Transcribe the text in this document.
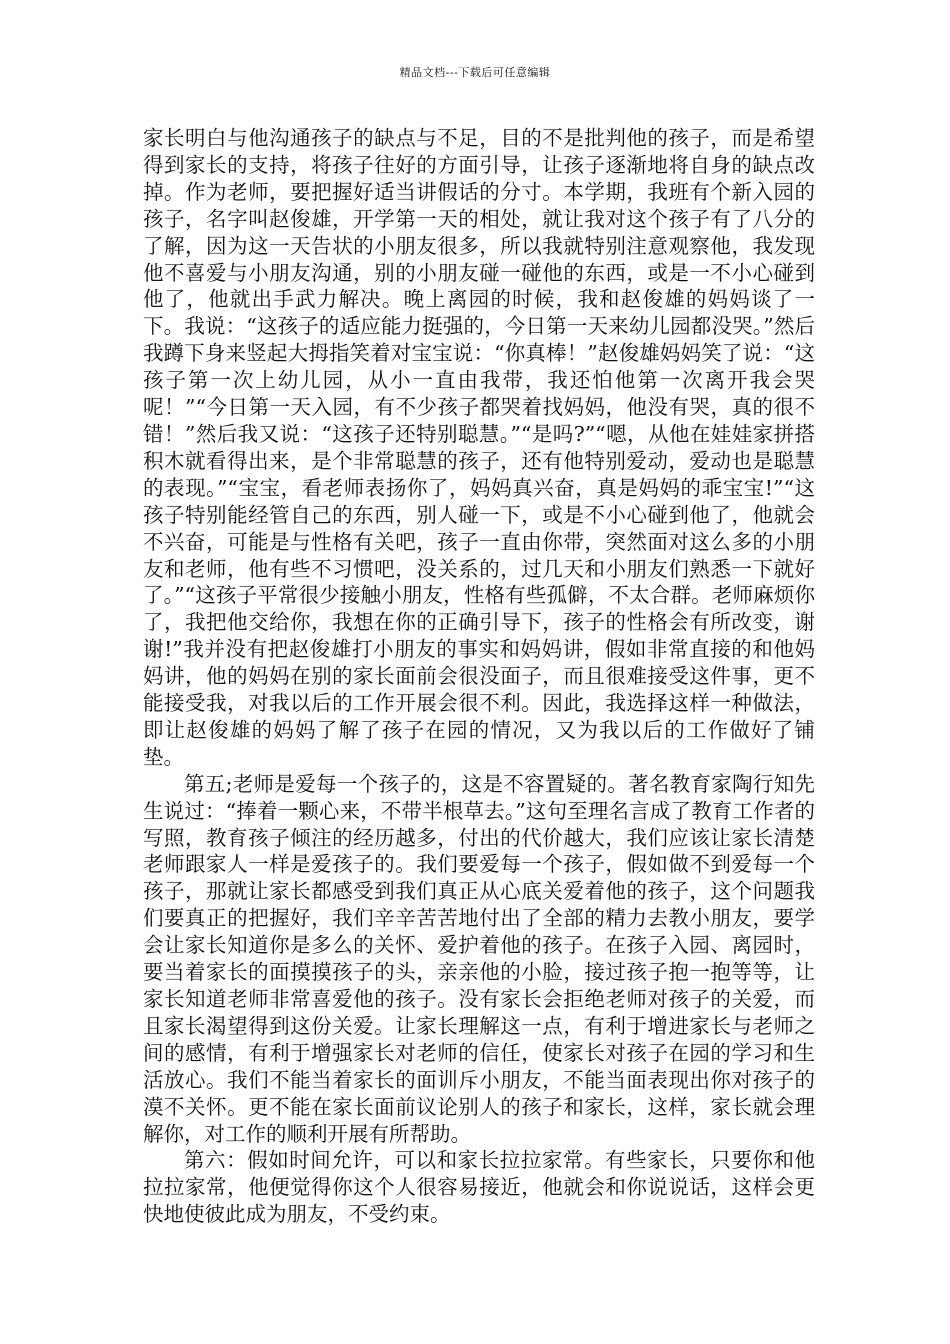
精品文档---下载后可任意编辑

家长明白与他沟通孩子的缺点与不足，目的不是批判他的孩子，而是希望得到家长的支持，将孩子往好的方面引导，让孩子逐渐地将自身的缺点改掉。作为老师，要把握好适当讲假话的分寸。本学期，我班有个新入园的孩子，名字叫赵俊雄，开学第一天的相处，就让我对这个孩子有了八分的了解，因为这一天告状的小朋友很多，所以我就特别注意观察他，我发现他不喜爱与小朋友沟通，别的小朋友碰一碰他的东西，或是一不小心碰到他了，他就出手武力解决。晚上离园的时候，我和赵俊雄的妈妈谈了一下。我说：“这孩子的适应能力挺强的，今日第一天来幼儿园都没哭。”然后我蹲下身来竖起大拇指笑着对宝宝说：“你真棒！”赵俊雄妈妈笑了说：“这孩子第一次上幼儿园，从小一直由我带，我还怕他第一次离开我会哭呢！”“今日第一天入园，有不少孩子都哭着找妈妈，他没有哭，真的很不错！”然后我又说：“这孩子还特别聪慧。”“是吗?”“嗯，从他在娃娃家拼搭积木就看得出来，是个非常聪慧的孩子，还有他特别爱动，爱动也是聪慧的表现。”“宝宝，看老师表扬你了，妈妈真兴奋，真是妈妈的乖宝宝!”“这孩子特别能经管自己的东西，别人碰一下，或是不小心碰到他了，他就会不兴奋，可能是与性格有关吧，孩子一直由你带，突然面对这么多的小朋友和老师，他有些不习惯吧，没关系的，过几天和小朋友们熟悉一下就好了。”“这孩子平常很少接触小朋友，性格有些孤僻，不太合群。老师麻烦你了，我把他交给你，我想在你的正确引导下，孩子的性格会有所改变，谢谢!”我并没有把赵俊雄打小朋友的事实和妈妈讲，假如非常直接的和他妈妈讲，他的妈妈在别的家长面前会很没面子，而且很难接受这件事，更不能接受我，对我以后的工作开展会很不利。因此，我选择这样一种做法，即让赵俊雄的妈妈了解了孩子在园的情况，又为我以后的工作做好了铺垫。

第五;老师是爱每一个孩子的，这是不容置疑的。著名教育家陶行知先生说过：“捧着一颗心来，不带半根草去。”这句至理名言成了教育工作者的写照，教育孩子倾注的经历越多，付出的代价越大，我们应该让家长清楚老师跟家人一样是爱孩子的。我们要爱每一个孩子，假如做不到爱每一个孩子，那就让家长都感受到我们真正从心底关爱着他的孩子，这个问题我们要真正的把握好，我们辛辛苦苦地付出了全部的精力去教小朋友，要学会让家长知道你是多么的关怀、爱护着他的孩子。在孩子入园、离园时，要当着家长的面摸摸孩子的头，亲亲他的小脸，接过孩子抱一抱等等，让家长知道老师非常喜爱他的孩子。没有家长会拒绝老师对孩子的关爱，而且家长渴望得到这份关爱。让家长理解这一点，有利于增进家长与老师之间的感情，有利于增强家长对老师的信任，使家长对孩子在园的学习和生活放心。我们不能当着家长的面训斥小朋友，不能当面表现出你对孩子的漠不关怀。更不能在家长面前议论别人的孩子和家长，这样，家长就会理解你，对工作的顺利开展有所帮助。

第六：假如时间允许，可以和家长拉拉家常。有些家长，只要你和他拉拉家常，他便觉得你这个人很容易接近，他就会和你说说话，这样会更快地使彼此成为朋友，不受约束。
